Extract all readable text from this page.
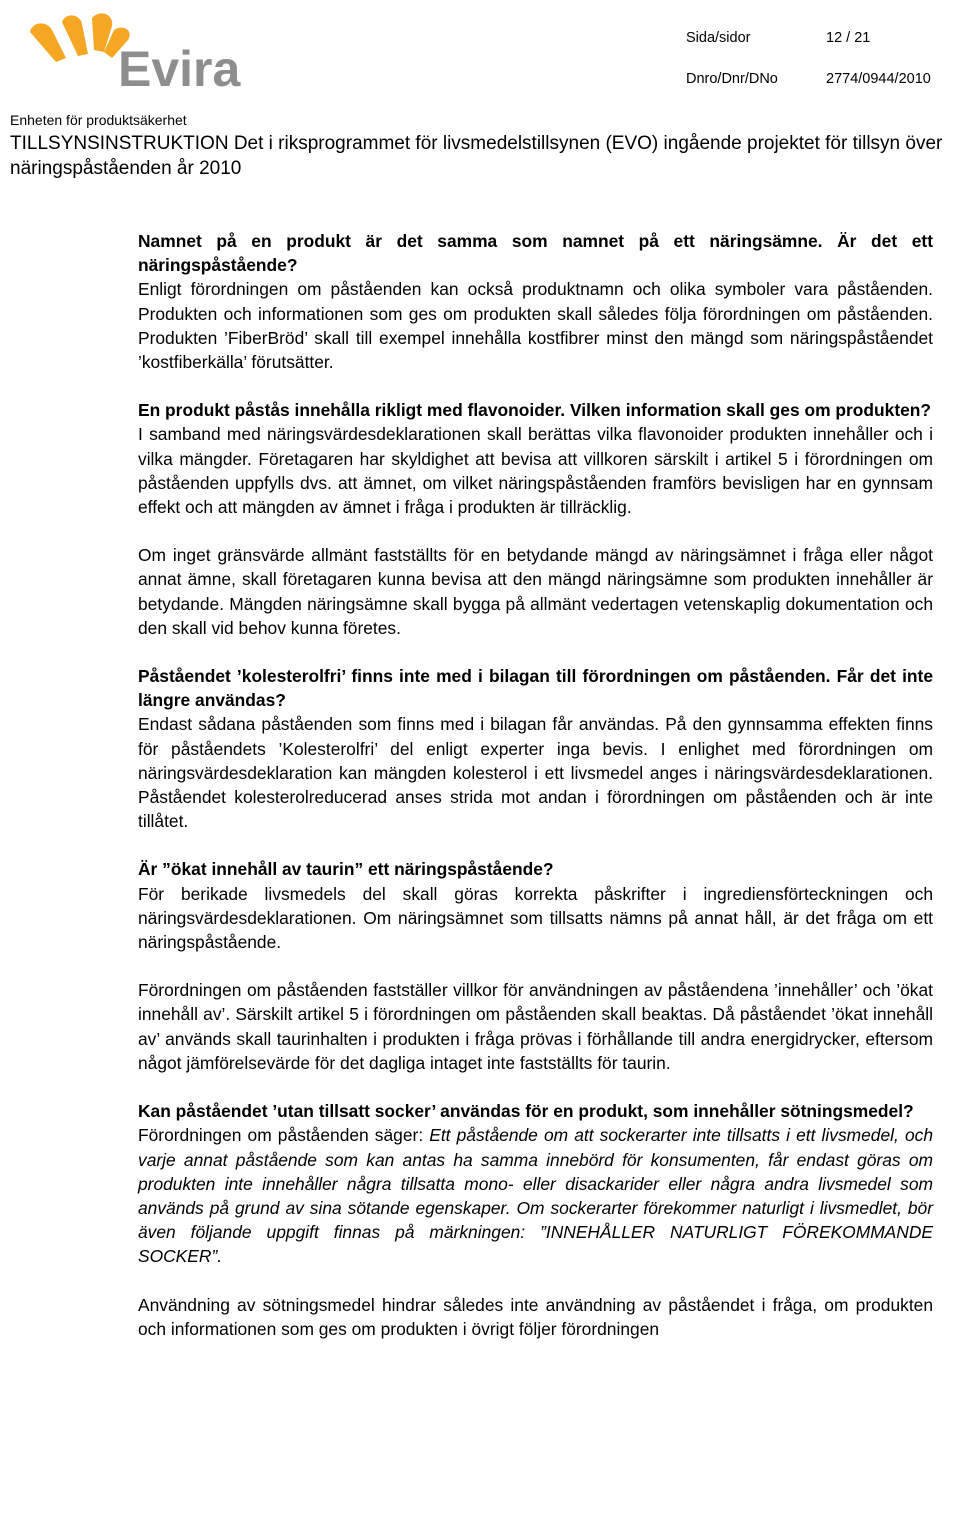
Evira
Sida/sidor	12 / 21
Dnro/Dnr/DNo	2774/0944/2010
Enheten för produktsäkerhet
TILLSYNSINSTRUKTION Det i riksprogrammet för livsmedelstillsynen (EVO) ingående projektet för tillsyn över näringspåståenden år 2010

Namnet på en produkt är det samma som namnet på ett näringsämne. Är det ett näringspåstående?

Enligt förordningen om påståenden kan också produktnamn och olika symboler vara påståenden. Produkten och informationen som ges om produkten skall således följa förordningen om påståenden. Produkten ’FiberBröd’ skall till exempel innehålla kostfibrer minst den mängd som näringspåståendet ’kostfiberkälla’ förutsätter.

En produkt påstås innehålla rikligt med flavonoider. Vilken information skall ges om produkten?

I samband med näringsvärdesdeklarationen skall berättas vilka flavonoider produkten innehåller och i vilka mängder. Företagaren har skyldighet att bevisa att villkoren särskilt i artikel 5 i förordningen om påståenden uppfylls dvs. att ämnet, om vilket näringspåståenden framförs bevisligen har en gynnsam effekt och att mängden av ämnet i fråga i produkten är tillräcklig.

Om inget gränsvärde allmänt fastställts för en betydande mängd av näringsämnet i fråga eller något annat ämne, skall företagaren kunna bevisa att den mängd näringsämne som produkten innehåller är betydande. Mängden näringsämne skall bygga på allmänt vedertagen vetenskaplig dokumentation och den skall vid behov kunna företes.

Påståendet ’kolesterolfri’ finns inte med i bilagan till förordningen om påståenden. Får det inte längre användas?

Endast sådana påståenden som finns med i bilagan får användas. På den gynnsamma effekten finns för påståendets ’Kolesterolfri’ del enligt experter inga bevis. I enlighet med förordningen om näringsvärdesdeklaration kan mängden kolesterol i ett livsmedel anges i näringsvärdesdeklarationen. Påståendet kolesterolreducerad anses strida mot andan i förordningen om påståenden och är inte tillåtet.

Är ”ökat innehåll av taurin” ett näringspåstående?

För berikade livsmedels del skall göras korrekta påskrifter i ingrediensförteckningen och näringsvärdesdeklarationen. Om näringsämnet som tillsatts nämns på annat håll, är det fråga om ett näringspåstående.

Förordningen om påståenden fastställer villkor för användningen av påståendena ’innehåller’ och ’ökat innehåll av’. Särskilt artikel 5 i förordningen om påståenden skall beaktas. Då påståendet ’ökat innehåll av’ används skall taurinhalten i produkten i fråga prövas i förhållande till andra energidrycker, eftersom något jämförelsevärde för det dagliga intaget inte fastställts för taurin.

Kan påståendet ’utan tillsatt socker’ användas för en produkt, som innehåller sötningsmedel?

Förordningen om påståenden säger: Ett påstående om att sockerarter inte tillsatts i ett livsmedel, och varje annat påstående som kan antas ha samma innebörd för konsumenten, får endast göras om produkten inte innehåller några tillsatta mono- eller disackarider eller några andra livsmedel som används på grund av sina sötande egenskaper. Om sockerarter förekommer naturligt i livsmedlet, bör även följande uppgift finnas på märkningen: ”INNEHÅLLER NATURLIGT FÖREKOMMANDE SOCKER”.

Användning av sötningsmedel hindrar således inte användning av påståendet i fråga, om produkten och informationen som ges om produkten i övrigt följer förordningen
